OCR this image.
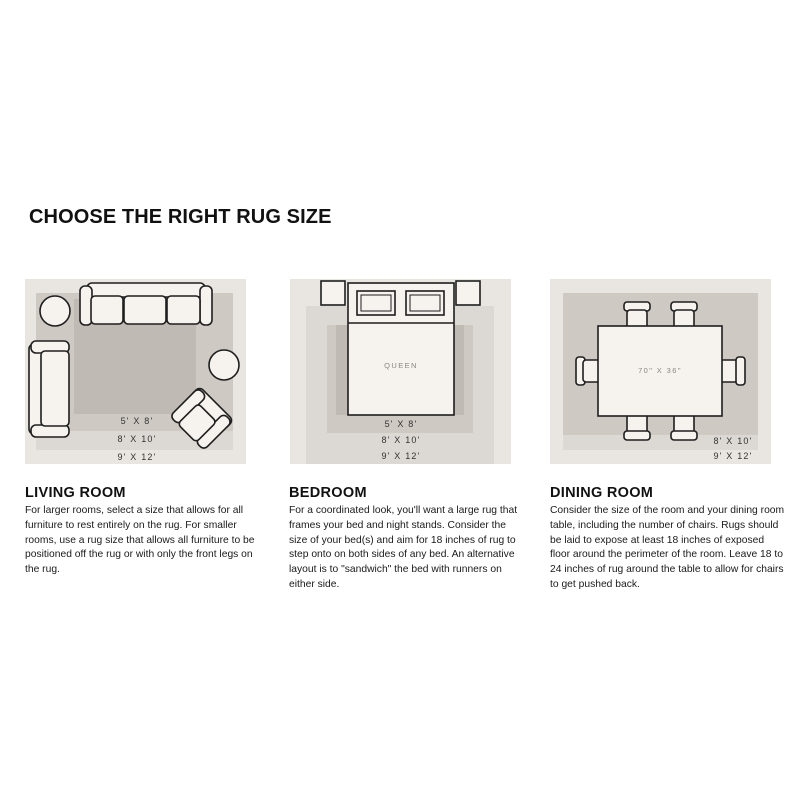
CHOOSE THE RIGHT RUG SIZE
5' X 8'
8' X 10'
9' X 12'
QUEEN
5' X 8'
8' X 10'
9' X 12'
70" X 36"
8' X 10'
9' X 12'
LIVING ROOM

For larger rooms, select a size that allows for all furniture to rest entirely on the rug. For smaller rooms, use a rug size that allows all furniture to be positioned off the rug or with only the front legs on the rug.

BEDROOM

For a coordinated look, you'll want a large rug that frames your bed and night stands. Consider the size of your bed(s) and aim for 18 inches of rug to step onto on both sides of any bed. An alternative layout is to "sandwich" the bed with runners on either side.

DINING ROOM

Consider the size of the room and your dining room table, including the number of chairs. Rugs should be laid to expose at least 18 inches of exposed floor around the perimeter of the room. Leave 18 to 24 inches of rug around the table to allow for chairs to get pushed back.
